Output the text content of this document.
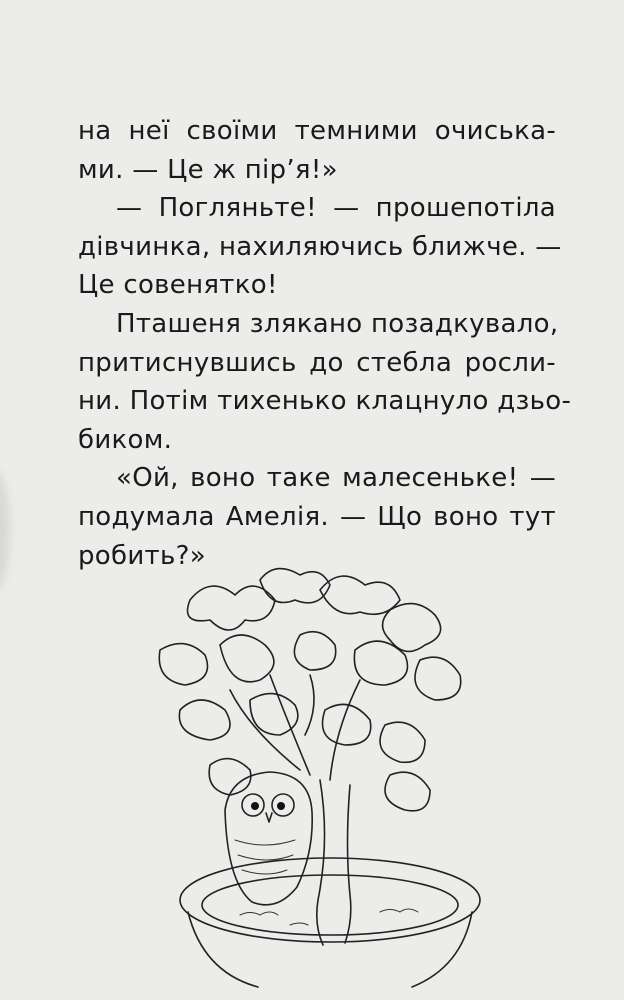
на неї своїми темними очиська-
ми. — Це ж пір’я!»
— Погляньте! — прошепотіла
дівчинка, нахиляючись ближче. —
Це совенятко!
Пташеня злякано позадкувало,
притиснувшись до стебла росли-
ни. Потім тихенько клацнуло дзьо-
биком.
«Ой, воно таке малесеньке! —
подумала Амелія. — Що воно тут
робить?»
